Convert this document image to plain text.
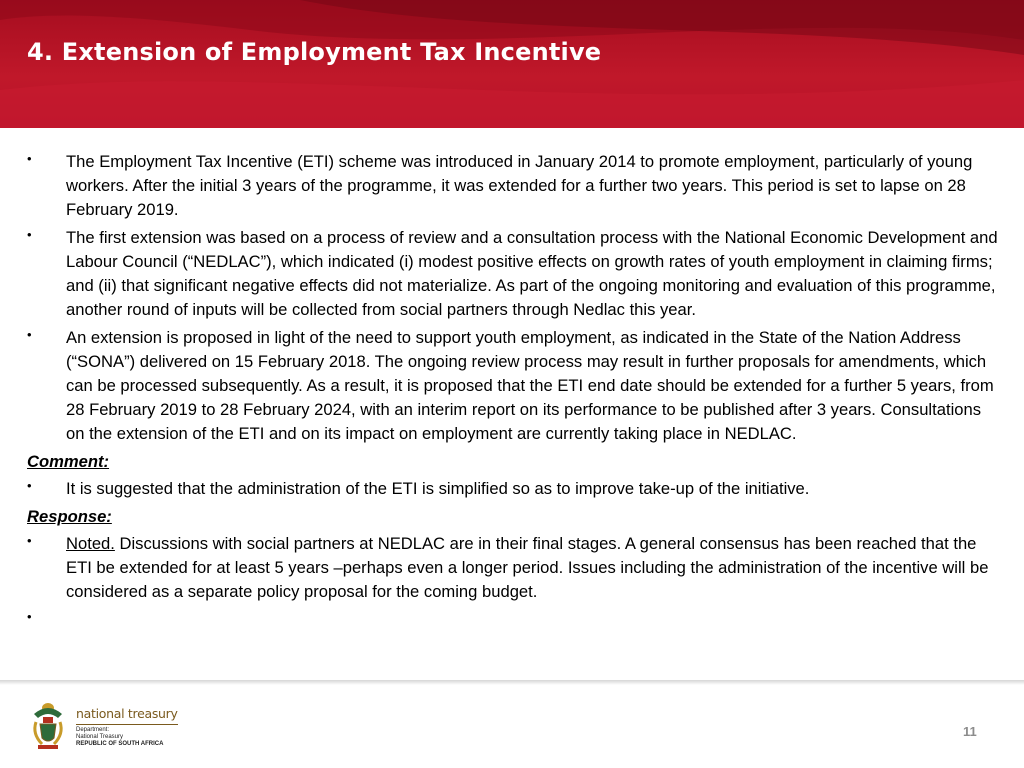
4. Extension of Employment Tax Incentive
• The Employment Tax Incentive (ETI) scheme was introduced in January 2014 to promote employment, particularly of young workers. After the initial 3 years of the programme, it was extended for a further two years. This period is set to lapse on 28 February 2019.
• The first extension was based on a process of review and a consultation process with the National Economic Development and Labour Council (“NEDLAC”), which indicated (i) modest positive effects on growth rates of youth employment in claiming firms; and (ii) that significant negative effects did not materialize. As part of the ongoing monitoring and evaluation of this programme, another round of inputs will be collected from social partners through Nedlac this year.
• An extension is proposed in light of the need to support youth employment, as indicated in the State of the Nation Address (“SONA”) delivered on 15 February 2018. The ongoing review process may result in further proposals for amendments, which can be processed subsequently. As a result, it is proposed that the ETI end date should be extended for a further 5 years, from 28 February 2019 to 28 February 2024, with an interim report on its performance to be published after 3 years. Consultations on the extension of the ETI and on its impact on employment are currently taking place in NEDLAC.

Comment:

• It is suggested that the administration of the ETI is simplified so as to improve take-up of the initiative.

Response:

• Noted. Discussions with social partners at NEDLAC are in their final stages. A general consensus has been reached that the ETI be extended for at least 5 years –perhaps even a longer period. Issues including the administration of the incentive will be considered as a separate policy proposal for the coming budget.
•

national treasury
Department:
National Treasury
REPUBLIC OF SOUTH AFRICA
11
